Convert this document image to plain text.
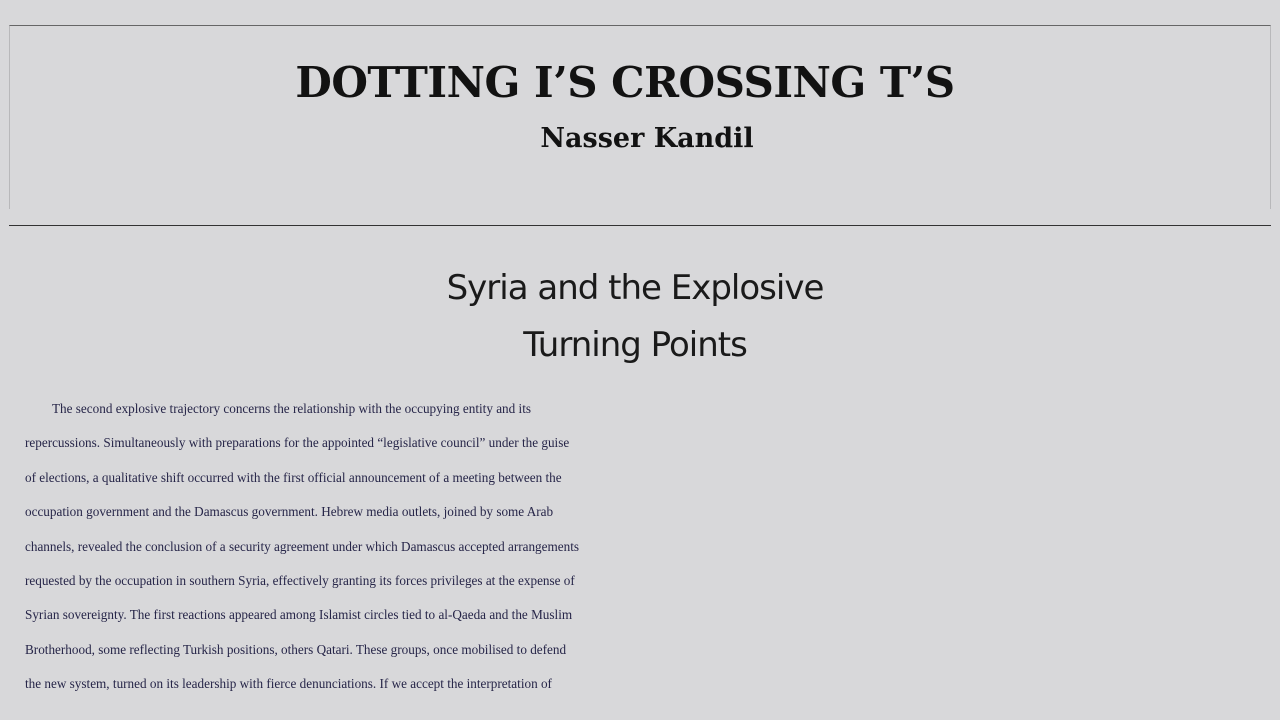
DOTTING I’S CROSSING T’S
Nasser Kandil
Syria and the Explosive
Turning Points
The second explosive trajectory concerns the relationship with the occupying entity and its
repercussions. Simultaneously with preparations for the appointed “legislative council” under the guise
of elections, a qualitative shift occurred with the first official announcement of a meeting between the
occupation government and the Damascus government. Hebrew media outlets, joined by some Arab
channels, revealed the conclusion of a security agreement under which Damascus accepted arrangements
requested by the occupation in southern Syria, effectively granting its forces privileges at the expense of
Syrian sovereignty. The first reactions appeared among Islamist circles tied to al-Qaeda and the Muslim
Brotherhood, some reflecting Turkish positions, others Qatari. These groups, once mobilised to defend
the new system, turned on its leadership with fierce denunciations. If we accept the interpretation of
